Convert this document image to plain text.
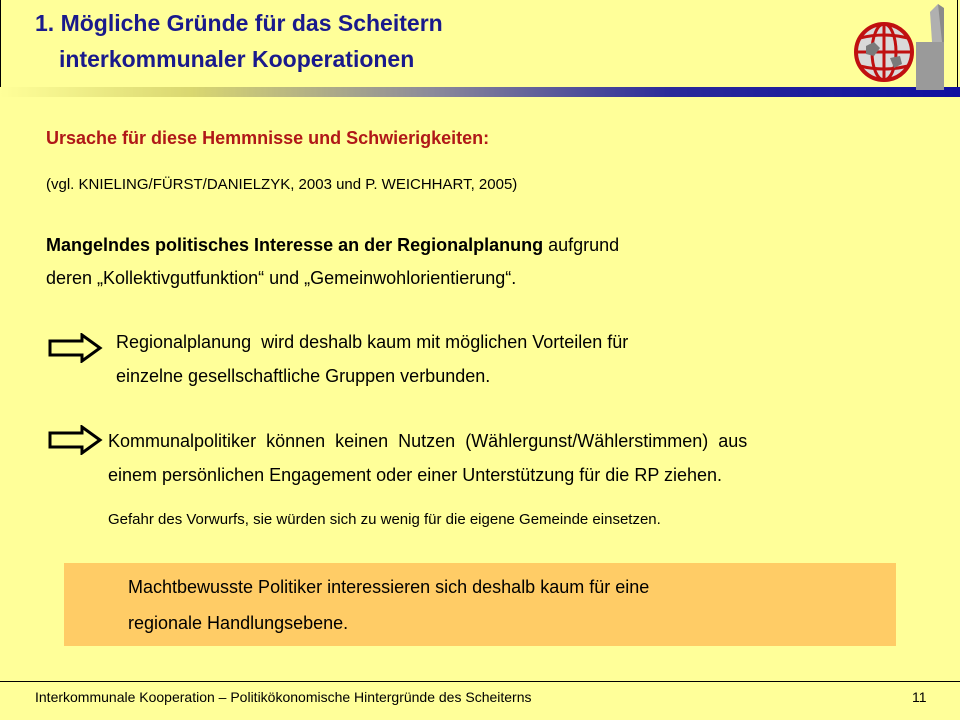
1. Mögliche Gründe für das Scheitern
interkommunaler Kooperationen
Ursache für diese Hemmnisse und Schwierigkeiten:
(vgl. KNIELING/FÜRST/DANIELZYK, 2003 und P. WEICHHART, 2005)
Mangelndes politisches Interesse an der Regionalplanung aufgrund
deren „Kollektivgutfunktion“ und „Gemeinwohlorientierung“.
Regionalplanung  wird deshalb kaum mit möglichen Vorteilen für
einzelne gesellschaftliche Gruppen verbunden.
Kommunalpolitiker  können  keinen  Nutzen  (Wählergunst/Wählerstimmen)  aus
einem persönlichen Engagement oder einer Unterstützung für die RP ziehen.
Gefahr des Vorwurfs, sie würden sich zu wenig für die eigene Gemeinde einsetzen.
Machtbewusste Politiker interessieren sich deshalb kaum für eine
regionale Handlungsebene.
Interkommunale Kooperation – Politikökonomische Hintergründe des Scheiterns	11
